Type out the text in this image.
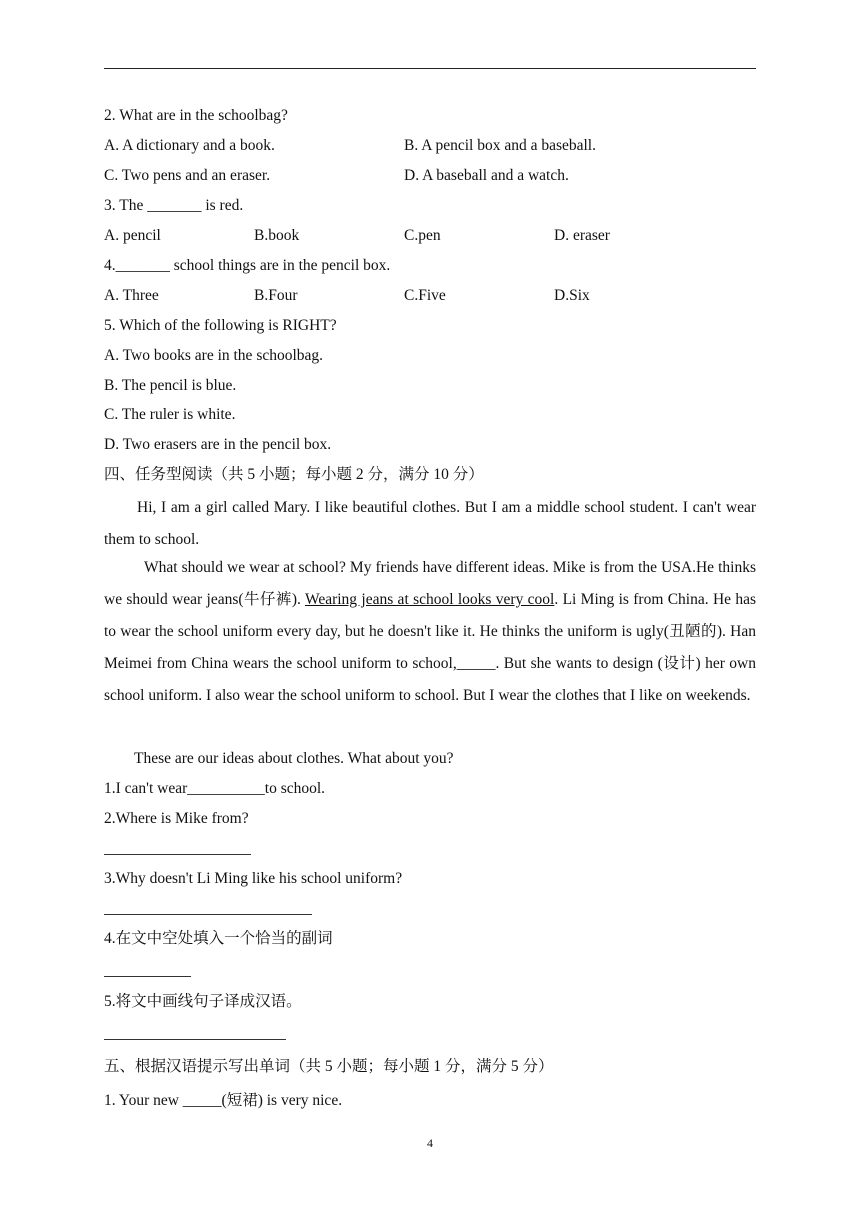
2. What are in the schoolbag?
A. A dictionary and a book.	B. A pencil box and a baseball.
C. Two pens and an eraser.	D. A baseball and a watch.
3. The _______ is red.
A. pencil	B.book	C.pen	D. eraser
4._______ school things are in the pencil box.
A. Three	B.Four	C.Five	D.Six
5. Which of the following is RIGHT?
A. Two books are in the schoolbag.
B. The pencil is blue.
C. The ruler is white.
D. Two erasers are in the pencil box.
四、任务型阅读（共 5 小题；每小题 2 分，满分 10 分）
Hi, I am a girl called Mary. I like beautiful clothes. But I am a middle school student. I can't wear them to school.
What should we wear at school? My friends have different ideas. Mike is from the USA.He thinks we should wear jeans(牛仔裤). Wearing jeans at school looks very cool. Li Ming is from China. He has to wear the school uniform every day, but he doesn't like it. He thinks the uniform is ugly(丑陋的). Han Meimei from China wears the school uniform to school,_____. But she wants to design (设计) her own school uniform. I also wear the school uniform to school. But I wear the clothes that I like on weekends.
These are our ideas about clothes. What about you?
1.I can't wear__________to school.
2.Where is Mike from?
3.Why doesn't Li Ming like his school uniform?
4.在文中空处填入一个恰当的副词
5.将文中画线句子译成汉语。
五、根据汉语提示写出单词（共 5 小题；每小题 1 分，满分 5 分）
1. Your new _____(短裙) is very nice.
4
